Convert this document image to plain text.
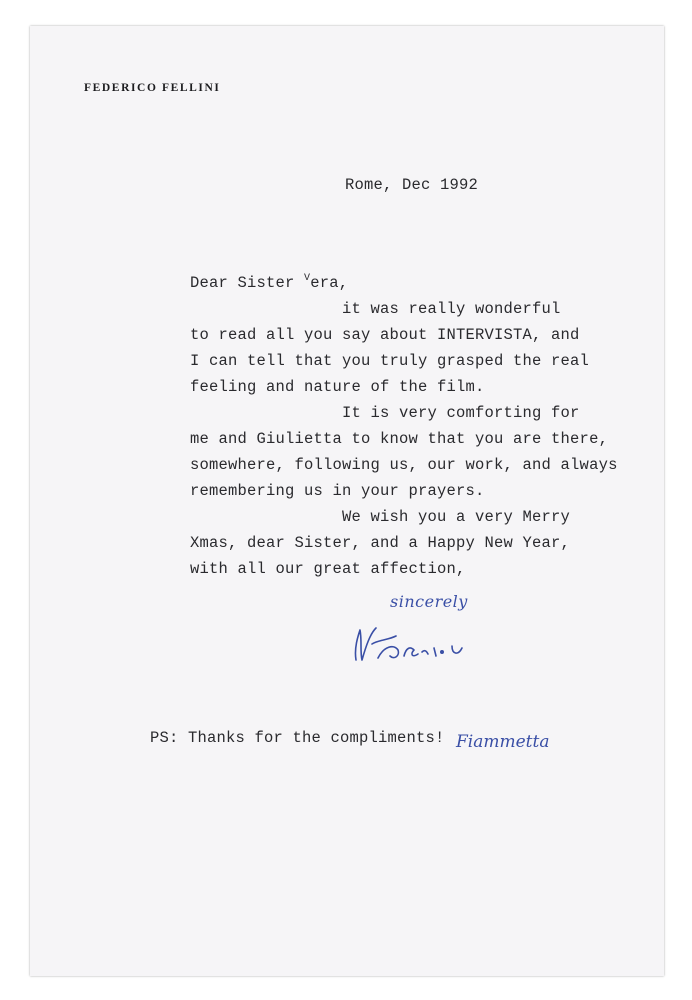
FEDERICO FELLINI
Rome, Dec 1992
Dear Sister $^V$era,
it was really wonderful
to read all you say about INTERVISTA, and
I can tell that you truly grasped the real
feeling and nature of the film.
It is very comforting for
me and Giulietta to know that you are there,
somewhere, following us, our work, and always
remembering us in your prayers.
We wish you a very Merry
Xmas, dear Sister, and a Happy New Year,
with all our great affection,
sincerely
PS: Thanks for the compliments! Fiammetta
